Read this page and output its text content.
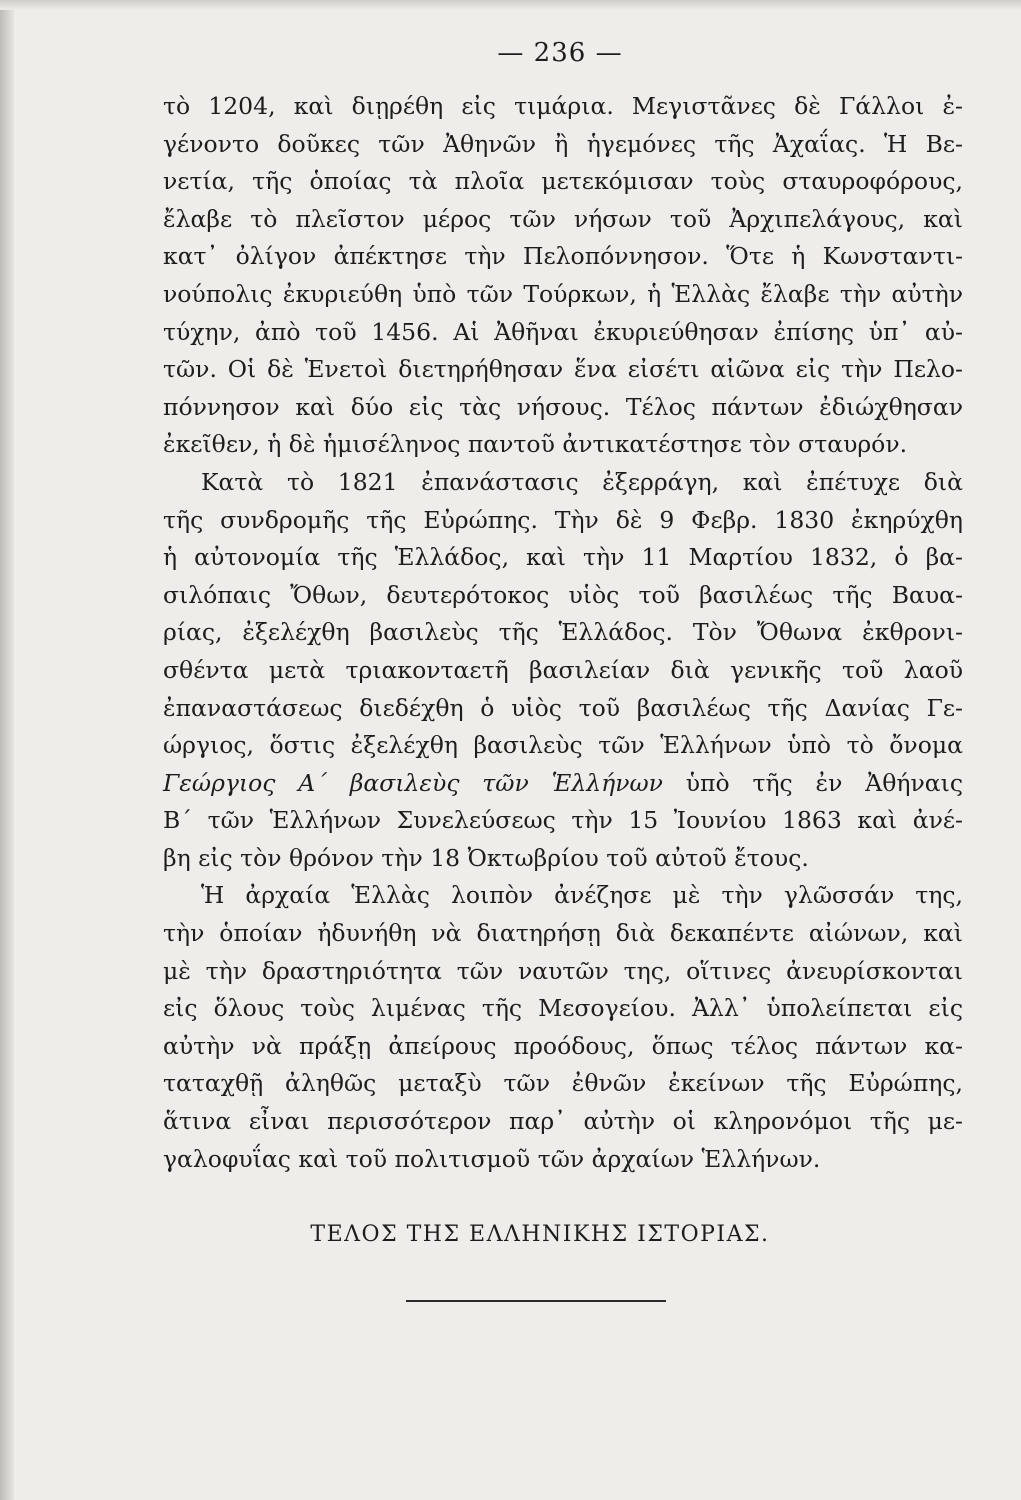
— 236 —
τὸ 1204, καὶ διῃρέθη εἰς τιμάρια. Μεγιστᾶνες δὲ Γάλλοι ἐ-
γένοντο δοῦκες τῶν Ἀθηνῶν ἢ ἡγεμόνες τῆς Ἀχαΐας. Ἡ Βε-
νετία, τῆς ὁποίας τὰ πλοῖα μετεκόμισαν τοὺς σταυροφόρους,
ἔλαβε τὸ πλεῖστον μέρος τῶν νήσων τοῦ Ἀρχιπελάγους, καὶ
κατ᾽ ὀλίγον ἀπέκτησε τὴν Πελοπόννησον. Ὅτε ἡ Κωνσταντι-
νούπολις ἐκυριεύθη ὑπὸ τῶν Τούρκων, ἡ Ἑλλὰς ἔλαβε τὴν αὐτὴν
τύχην, ἀπὸ τοῦ 1456. Αἱ Ἀθῆναι ἐκυριεύθησαν ἐπίσης ὑπ᾽ αὐ-
τῶν. Οἱ δὲ Ἑνετοὶ διετηρήθησαν ἕνα εἰσέτι αἰῶνα εἰς τὴν Πελο-
πόννησον καὶ δύο εἰς τὰς νήσους. Τέλος πάντων ἐδιώχθησαν
ἐκεῖθεν, ἡ δὲ ἡμισέληνος παντοῦ ἀντικατέστησε τὸν σταυρόν.
Κατὰ τὸ 1821 ἐπανάστασις ἐξερράγη, καὶ ἐπέτυχε διὰ
τῆς συνδρομῆς τῆς Εὐρώπης. Τὴν δὲ 9 Φεβρ. 1830 ἐκηρύχθη
ἡ αὐτονομία τῆς Ἑλλάδος, καὶ τὴν 11 Μαρτίου 1832, ὁ βα-
σιλόπαις Ὄθων, δευτερότοκος υἱὸς τοῦ βασιλέως τῆς Βαυα-
ρίας, ἐξελέχθη βασιλεὺς τῆς Ἑλλάδος. Τὸν Ὄθωνα ἐκθρονι-
σθέντα μετὰ τριακονταετῆ βασιλείαν διὰ γενικῆς τοῦ λαοῦ
ἐπαναστάσεως διεδέχθη ὁ υἱὸς τοῦ βασιλέως τῆς Δανίας Γε-
ώργιος, ὅστις ἐξελέχθη βασιλεὺς τῶν Ἑλλήνων ὑπὸ τὸ ὄνομα
Γεώργιος Α΄ βασιλεὺς τῶν Ἑλλήνων ὑπὸ τῆς ἐν Ἀθήναις
Β΄ τῶν Ἑλλήνων Συνελεύσεως τὴν 15 Ἰουνίου 1863 καὶ ἀνέ-
βη εἰς τὸν θρόνον τὴν 18 Ὀκτωβρίου τοῦ αὐτοῦ ἔτους.
Ἡ ἀρχαία Ἑλλὰς λοιπὸν ἀνέζησε μὲ τὴν γλῶσσάν της,
τὴν ὁποίαν ἠδυνήθη νὰ διατηρήσῃ διὰ δεκαπέντε αἰώνων, καὶ
μὲ τὴν δραστηριότητα τῶν ναυτῶν της, οἵτινες ἀνευρίσκονται
εἰς ὅλους τοὺς λιμένας τῆς Μεσογείου. Ἀλλ᾽ ὑπολείπεται εἰς
αὐτὴν νὰ πράξῃ ἀπείρους προόδους, ὅπως τέλος πάντων κα-
ταταχθῇ ἀληθῶς μεταξὺ τῶν ἐθνῶν ἐκείνων τῆς Εὐρώπης,
ἅτινα εἶναι περισσότερον παρ᾽ αὐτὴν οἱ κληρονόμοι τῆς με-
γαλοφυΐας καὶ τοῦ πολιτισμοῦ τῶν ἀρχαίων Ἑλλήνων.
ΤΕΛΟΣ ΤΗΣ ΕΛΛΗΝΙΚΗΣ ΙΣΤΟΡΙΑΣ.
